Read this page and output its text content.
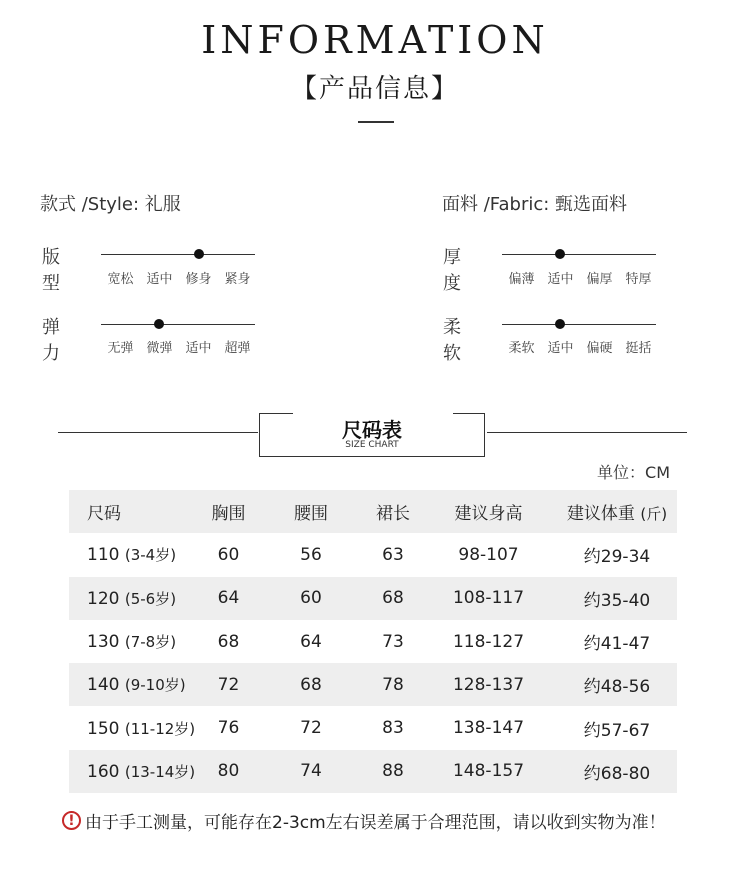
INFORMATION
【产品信息】
款式 /Style: 礼服	面料 /Fabric: 甄选面料
版型	宽松 适中 修身 紧身
厚度	偏薄 适中 偏厚 特厚
弹力	无弹 微弹 适中 超弹
柔软	柔软 适中 偏硬 挺括
尺码表
SIZE CHART
单位：CM
尺码	胸围	腰围	裙长	建议身高	建议体重 (斤)
110 (3-4岁)	60	56	63	98-107	约29-34
120 (5-6岁)	64	60	68	108-117	约35-40
130 (7-8岁)	68	64	73	118-127	约41-47
140 (9-10岁)	72	68	78	128-137	约48-56
150 (11-12岁)	76	72	83	138-147	约57-67
160 (13-14岁)	80	74	88	148-157	约68-80
! 由于手工测量，可能存在2-3cm左右误差属于合理范围，请以收到实物为准！
